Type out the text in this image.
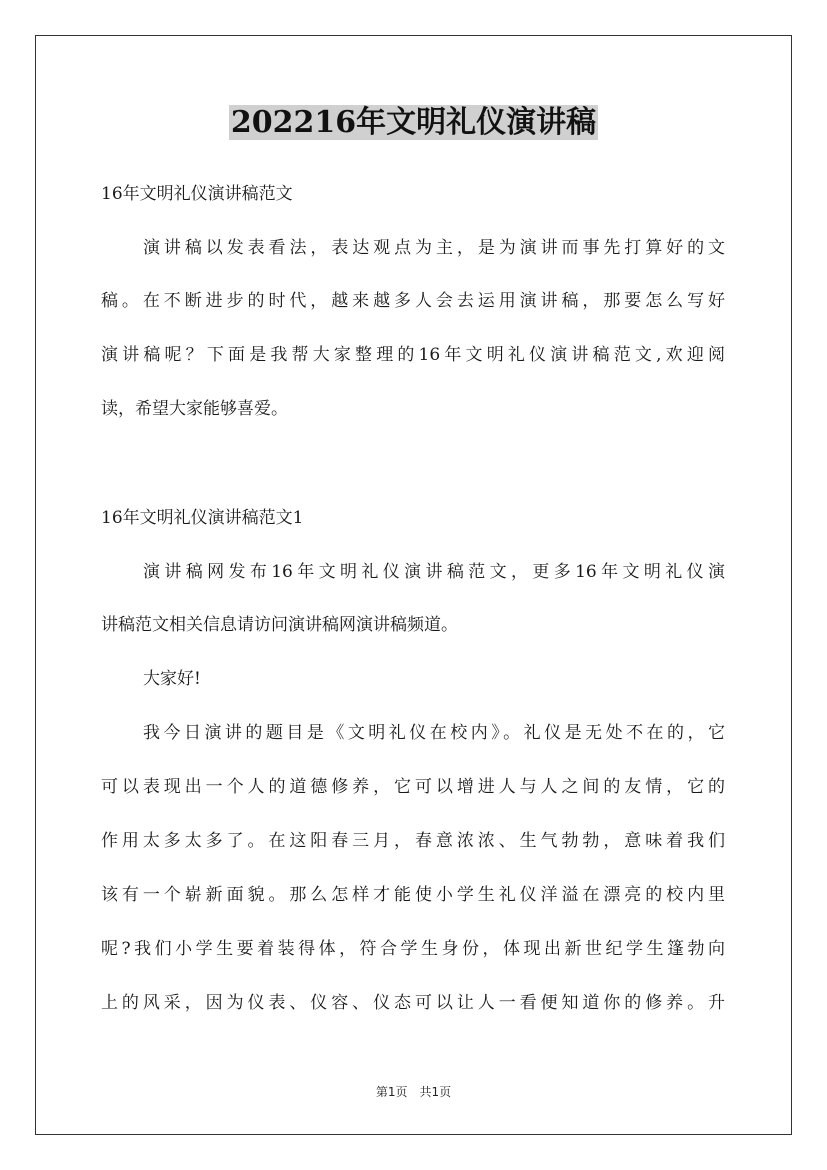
202216年文明礼仪演讲稿
16年文明礼仪演讲稿范文
演讲稿以发表看法，表达观点为主，是为演讲而事先打算好的文
稿。在不断进步的时代，越来越多人会去运用演讲稿，那要怎么写好
演讲稿呢？下面是我帮大家整理的16年文明礼仪演讲稿范文,欢迎阅
读，希望大家能够喜爱。
16年文明礼仪演讲稿范文1
演讲稿网发布16年文明礼仪演讲稿范文，更多16年文明礼仪演
讲稿范文相关信息请访问演讲稿网演讲稿频道。
大家好!
我今日演讲的题目是《文明礼仪在校内》。礼仪是无处不在的，它
可以表现出一个人的道德修养，它可以增进人与人之间的友情，它的
作用太多太多了。在这阳春三月，春意浓浓、生气勃勃，意味着我们
该有一个崭新面貌。那么怎样才能使小学生礼仪洋溢在漂亮的校内里
呢?我们小学生要着装得体，符合学生身份，体现出新世纪学生篷勃向
上的风采，因为仪表、仪容、仪态可以让人一看便知道你的修养。升
第1页 共1页
